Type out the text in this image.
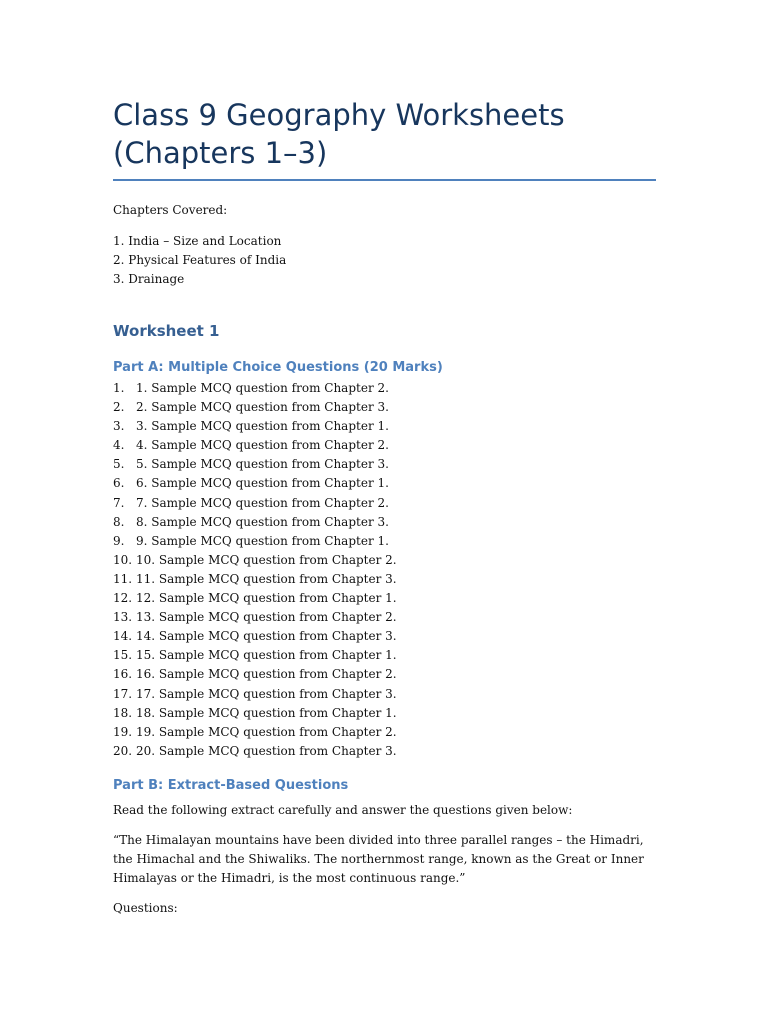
Class 9 Geography Worksheets
(Chapters 1–3)

Chapters Covered:

1. India – Size and Location
2. Physical Features of India
3. Drainage
Worksheet 1
Part A: Multiple Choice Questions (20 Marks)
1. 1. Sample MCQ question from Chapter 2.
2. 2. Sample MCQ question from Chapter 3.
3. 3. Sample MCQ question from Chapter 1.
4. 4. Sample MCQ question from Chapter 2.
5. 5. Sample MCQ question from Chapter 3.
6. 6. Sample MCQ question from Chapter 1.
7. 7. Sample MCQ question from Chapter 2.
8. 8. Sample MCQ question from Chapter 3.
9. 9. Sample MCQ question from Chapter 1.
10. 10. Sample MCQ question from Chapter 2.
11. 11. Sample MCQ question from Chapter 3.
12. 12. Sample MCQ question from Chapter 1.
13. 13. Sample MCQ question from Chapter 2.
14. 14. Sample MCQ question from Chapter 3.
15. 15. Sample MCQ question from Chapter 1.
16. 16. Sample MCQ question from Chapter 2.
17. 17. Sample MCQ question from Chapter 3.
18. 18. Sample MCQ question from Chapter 1.
19. 19. Sample MCQ question from Chapter 2.
20. 20. Sample MCQ question from Chapter 3.
Part B: Extract-Based Questions

Read the following extract carefully and answer the questions given below:

“The Himalayan mountains have been divided into three parallel ranges – the Himadri, the Himachal and the Shiwaliks. The northernmost range, known as the Great or Inner Himalayas or the Himadri, is the most continuous range.”

Questions:
